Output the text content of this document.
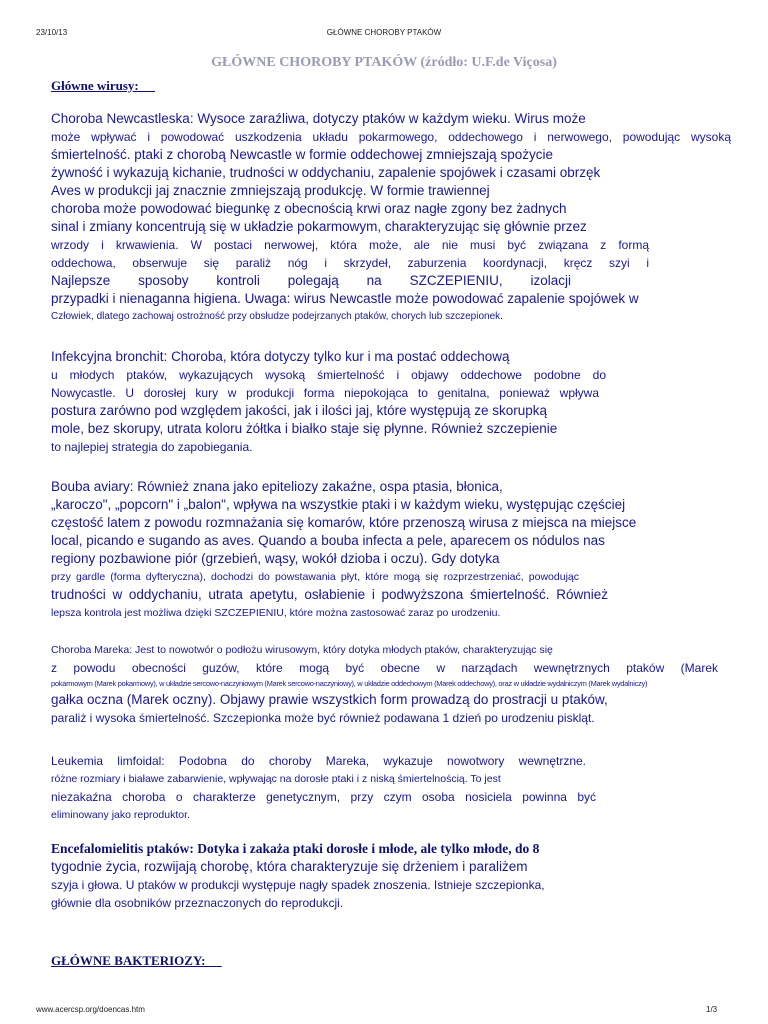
23/10/13	GŁÓWNE CHOROBY PTAKÓW
GŁÓWNE CHOROBY PTAKÓW (źródło: U.F.de Viçosa)
Główne wirusy:
Choroba Newcastleska: Wysoce zaraźliwa, dotyczy ptaków w każdym wieku. Wirus może
może wpływać i powodować uszkodzenia układu pokarmowego, oddechowego i nerwowego, powodując wysoką
śmiertelność. ptaki z chorobą Newcastle w formie oddechowej zmniejszają spożycie
żywność i wykazują kichanie, trudności w oddychaniu, zapalenie spojówek i czasami obrzęk
Aves w produkcji jaj znacznie zmniejszają produkcję. W formie trawiennej
choroba może powodować biegunkę z obecnością krwi oraz nagłe zgony bez żadnych
sinal i zmiany koncentrują się w układzie pokarmowym, charakteryzując się głównie przez
wrzody i krwawienia. W postaci nerwowej, która może, ale nie musi być związana z formą
oddechowa, obserwuje się paraliż nóg i skrzydeł, zaburzenia koordynacji, kręcz szyi i
Najlepsze sposoby kontroli polegają na SZCZEPIENIU, izolacji
przypadki i nienaganna higiena. Uwaga: wirus Newcastle może powodować zapalenie spojówek w
Człowiek, dlatego zachowaj ostrożność przy obsłudze podejrzanych ptaków, chorych lub szczepionek.
Infekcyjna bronchit: Choroba, która dotyczy tylko kur i ma postać oddechową
u młodych ptaków, wykazujących wysoką śmiertelność i objawy oddechowe podobne do
Nowycastle. U dorosłej kury w produkcji forma niepokojąca to genitalna, ponieważ wpływa
postura zarówno pod względem jakości, jak i ilości jaj, które występują ze skorupką
mole, bez skorupy, utrata koloru żółtka i białko staje się płynne. Również szczepienie
to najlepiej strategia do zapobiegania.
Bouba aviary: Również znana jako epiteliozy zakaźne, ospa ptasia, błonica,
„karoczo", „popcorn" i „balon", wpływa na wszystkie ptaki i w każdym wieku, występując częściej
częstość latem z powodu rozmnażania się komarów, które przenoszą wirusa z miejsca na miejsce
local, picando e sugando as aves. Quando a bouba infecta a pele, aparecem os nódulos nas
regiony pozbawione piór (grzebień, wąsy, wokół dzioba i oczu). Gdy dotyka
przy gardle (forma dyfteryczna), dochodzi do powstawania płyt, które mogą się rozprzestrzeniać, powodując
trudności w oddychaniu, utrata apetytu, osłabienie i podwyższona śmiertelność. Również
lepsza kontrola jest możliwa dzięki SZCZEPIENIU, które można zastosować zaraz po urodzeniu.
Choroba Mareka: Jest to nowotwór o podłożu wirusowym, który dotyka młodych ptaków, charakteryzując się
z powodu obecności guzów, które mogą być obecne w narządach wewnętrznych ptaków (Marek
pokarmowym (Marek pokarmowy), w układzie sercowo-naczyniowym (Marek sercowo-naczyniowy), w układzie oddechowym (Marek oddechowy), oraz w układzie wydalniczym (Marek wydalniczy)
gałka oczna (Marek oczny). Objawy prawie wszystkich form prowadzą do prostracji u ptaków,
paraliż i wysoka śmiertelność. Szczepionka może być również podawana 1 dzień po urodzeniu piskląt.
Leukemia limfoidal: Podobna do choroby Mareka, wykazuje nowotwory wewnętrzne.
różne rozmiary i białawe zabarwienie, wpływając na dorosłe ptaki i z niską śmiertelnością. To jest
niezakaźna choroba o charakterze genetycznym, przy czym osoba nosiciela powinna być
eliminowany jako reproduktor.
Encefalomielitis ptaków: Dotyka i zakaża ptaki dorosłe i młode, ale tylko młode, do 8
tygodnie życia, rozwijają chorobę, która charakteryzuje się drżeniem i paraliżem
szyja i głowa. U ptaków w produkcji występuje nagły spadek znoszenia. Istnieje szczepionka,
głównie dla osobników przeznaczonych do reprodukcji.
GŁÓWNE BAKTERIOZY:
www.acercsp.org/doencas.htm	1/3
